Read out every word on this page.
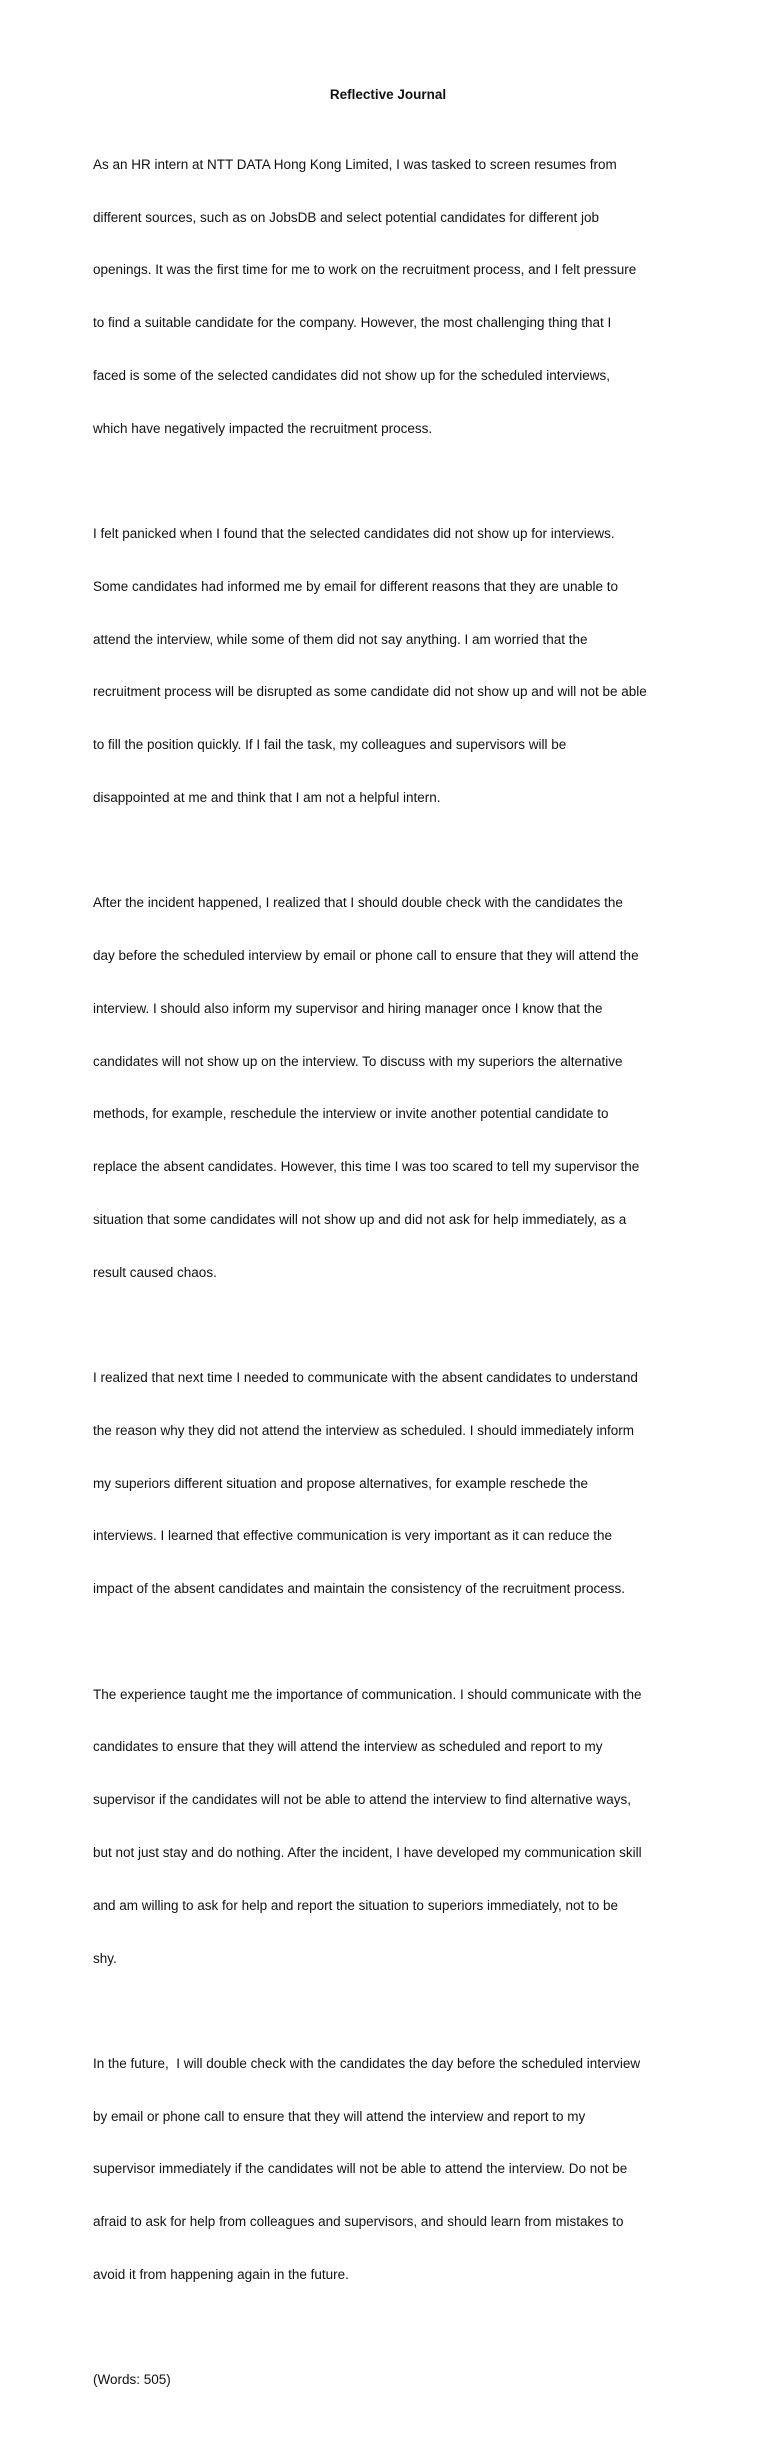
Reflective Journal

As an HR intern at NTT DATA Hong Kong Limited, I was tasked to screen resumes from

different sources, such as on JobsDB and select potential candidates for different job

openings. It was the first time for me to work on the recruitment process, and I felt pressure

to find a suitable candidate for the company. However, the most challenging thing that I

faced is some of the selected candidates did not show up for the scheduled interviews,

which have negatively impacted the recruitment process.

I felt panicked when I found that the selected candidates did not show up for interviews.

Some candidates had informed me by email for different reasons that they are unable to

attend the interview, while some of them did not say anything. I am worried that the

recruitment process will be disrupted as some candidate did not show up and will not be able

to fill the position quickly. If I fail the task, my colleagues and supervisors will be

disappointed at me and think that I am not a helpful intern.

After the incident happened, I realized that I should double check with the candidates the

day before the scheduled interview by email or phone call to ensure that they will attend the

interview. I should also inform my supervisor and hiring manager once I know that the

candidates will not show up on the interview. To discuss with my superiors the alternative

methods, for example, reschedule the interview or invite another potential candidate to

replace the absent candidates. However, this time I was too scared to tell my supervisor the

situation that some candidates will not show up and did not ask for help immediately, as a

result caused chaos.

I realized that next time I needed to communicate with the absent candidates to understand

the reason why they did not attend the interview as scheduled. I should immediately inform

my superiors different situation and propose alternatives, for example reschede the

interviews. I learned that effective communication is very important as it can reduce the

impact of the absent candidates and maintain the consistency of the recruitment process.

The experience taught me the importance of communication. I should communicate with the

candidates to ensure that they will attend the interview as scheduled and report to my

supervisor if the candidates will not be able to attend the interview to find alternative ways,

but not just stay and do nothing. After the incident, I have developed my communication skill

and am willing to ask for help and report the situation to superiors immediately, not to be

shy.

In the future,  I will double check with the candidates the day before the scheduled interview

by email or phone call to ensure that they will attend the interview and report to my

supervisor immediately if the candidates will not be able to attend the interview. Do not be

afraid to ask for help from colleagues and supervisors, and should learn from mistakes to

avoid it from happening again in the future.

(Words: 505)
